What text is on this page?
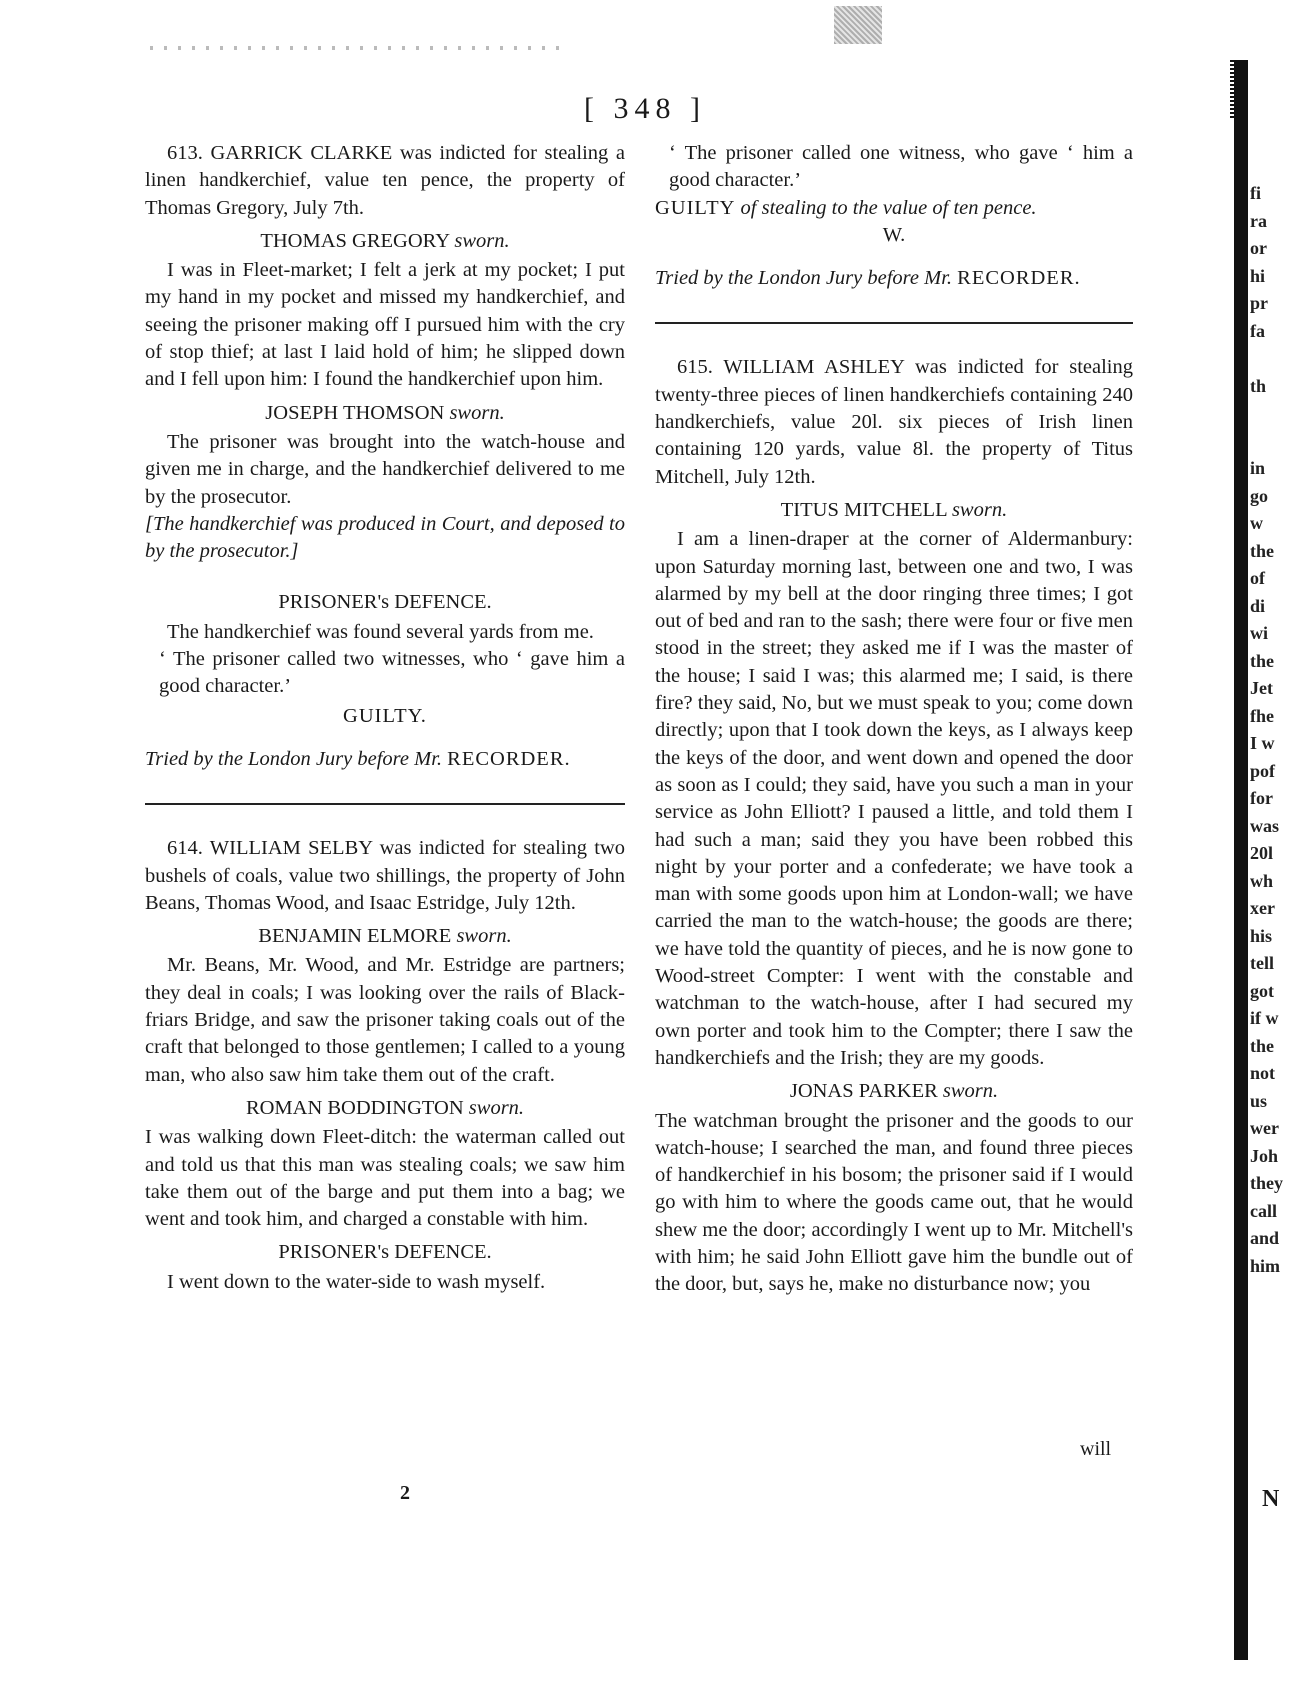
[ 348 ]

613. GARRICK CLARKE was indicted for stealing a linen handkerchief, value ten pence, the property of Thomas Gregory, July 7th.

THOMAS GREGORY sworn.

I was in Fleet-market; I felt a jerk at my pocket; I put my hand in my pocket and missed my handkerchief, and seeing the prisoner making off I pursued him with the cry of stop thief; at last I laid hold of him; he slipped down and I fell upon him: I found the handkerchief upon him.

JOSEPH THOMSON sworn.

The prisoner was brought into the watch-house and given me in charge, and the handkerchief delivered to me by the prosecutor.

[The handkerchief was produced in Court, and deposed to by the prosecutor.]

PRISONER's DEFENCE.

The handkerchief was found several yards from me.

‘ The prisoner called two witnesses, who ‘ gave him a good character.’

GUILTY.

Tried by the London Jury before Mr. RECORDER.

614. WILLIAM SELBY was indicted for stealing two bushels of coals, value two shillings, the property of John Beans, Thomas Wood, and Isaac Estridge, July 12th.

BENJAMIN ELMORE sworn.

Mr. Beans, Mr. Wood, and Mr. Estridge are partners; they deal in coals; I was looking over the rails of Black-friars Bridge, and saw the prisoner taking coals out of the craft that belonged to those gentlemen; I called to a young man, who also saw him take them out of the craft.

ROMAN BODDINGTON sworn.

I was walking down Fleet-ditch: the waterman called out and told us that this man was stealing coals; we saw him take them out of the barge and put them into a bag; we went and took him, and charged a constable with him.

PRISONER's DEFENCE.

I went down to the water-side to wash myself.

‘ The prisoner called one witness, who gave ‘ him a good character.’

GUILTY of stealing to the value of ten pence.

W.

Tried by the London Jury before Mr. RECORDER.

615. WILLIAM ASHLEY was indicted for stealing twenty-three pieces of linen handkerchiefs containing 240 handkerchiefs, value 20l. six pieces of Irish linen containing 120 yards, value 8l. the property of Titus Mitchell, July 12th.

TITUS MITCHELL sworn.

I am a linen-draper at the corner of Aldermanbury: upon Saturday morning last, between one and two, I was alarmed by my bell at the door ringing three times; I got out of bed and ran to the sash; there were four or five men stood in the street; they asked me if I was the master of the house; I said I was; this alarmed me; I said, is there fire? they said, No, but we must speak to you; come down directly; upon that I took down the keys, as I always keep the keys of the door, and went down and opened the door as soon as I could; they said, have you such a man in your service as John Elliott? I paused a little, and told them I had such a man; said they you have been robbed this night by your porter and a confederate; we have took a man with some goods upon him at London-wall; we have carried the man to the watch-house; the goods are there; we have told the quantity of pieces, and he is now gone to Wood-street Compter: I went with the constable and watchman to the watch-house, after I had secured my own porter and took him to the Compter; there I saw the handkerchiefs and the Irish; they are my goods.

JONAS PARKER sworn.

The watchman brought the prisoner and the goods to our watch-house; I searched the man, and found three pieces of handkerchief in his bosom; the prisoner said if I would go with him to where the goods came out, that he would shew me the door; accordingly I went up to Mr. Mitchell's with him; he said John Elliott gave him the bundle out of the door, but, says he, make no disturbance now; you

will
2
fi
ra
or
hi
pr
fa

th

in
go
w
the
of
di
wi
the
Jet
fhe
I w
pof
for
was
20l
wh
xer
his
tell
got
if w
the
not
us
wer
Joh
they
call
and
him
N
